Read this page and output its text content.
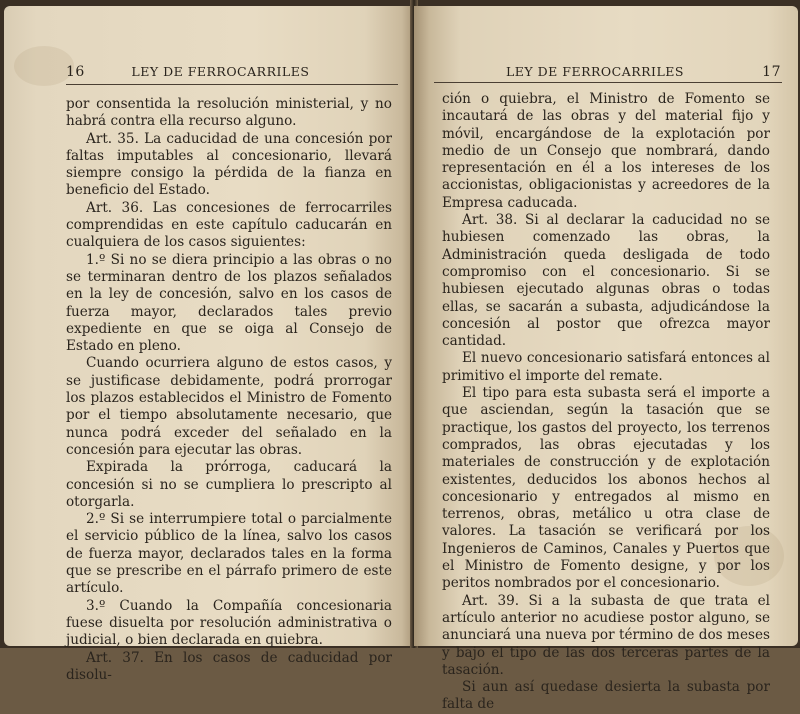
16	LEY DE FERROCARRILES

por consentida la resolución ministerial, y no habrá contra ella recurso alguno.

Art. 35. La caducidad de una concesión por faltas imputables al concesionario, llevará siempre consigo la pérdida de la fianza en beneficio del Estado.

Art. 36. Las concesiones de ferrocarriles comprendidas en este capítulo caducarán en cualquiera de los casos siguientes:

1.º Si no se diera principio a las obras o no se terminaran dentro de los plazos señalados en la ley de concesión, salvo en los casos de fuerza mayor, declarados tales previo expediente en que se oiga al Consejo de Estado en pleno.

Cuando ocurriera alguno de estos casos, y se justificase debidamente, podrá prorrogar los plazos establecidos el Ministro de Fomento por el tiempo absolutamente necesario, que nunca podrá exceder del señalado en la concesión para ejecutar las obras.

Expirada la prórroga, caducará la concesión si no se cumpliera lo prescripto al otorgarla.

2.º Si se interrumpiere total o parcialmente el servicio público de la línea, salvo los casos de fuerza mayor, declarados tales en la forma que se prescribe en el párrafo primero de este artículo.

3.º Cuando la Compañía concesionaria fuese disuelta por resolución administrativa o judicial, o bien declarada en quiebra.

Art. 37. En los casos de caducidad por disolu-

LEY DE FERROCARRILES	17

ción o quiebra, el Ministro de Fomento se incautará de las obras y del material fijo y móvil, encargándose de la explotación por medio de un Consejo que nombrará, dando representación en él a los intereses de los accionistas, obligacionistas y acreedores de la Empresa caducada.

Art. 38. Si al declarar la caducidad no se hubiesen comenzado las obras, la Administración queda desligada de todo compromiso con el concesionario. Si se hubiesen ejecutado algunas obras o todas ellas, se sacarán a subasta, adjudicándose la concesión al postor que ofrezca mayor cantidad.

El nuevo concesionario satisfará entonces al primitivo el importe del remate.

El tipo para esta subasta será el importe a que asciendan, según la tasación que se practique, los gastos del proyecto, los terrenos comprados, las obras ejecutadas y los materiales de construcción y de explotación existentes, deducidos los abonos hechos al concesionario y entregados al mismo en terrenos, obras, metálico u otra clase de valores. La tasación se verificará por los Ingenieros de Caminos, Canales y Puertos que el Ministro de Fomento designe, y por los peritos nombrados por el concesionario.

Art. 39. Si a la subasta de que trata el artículo anterior no acudiese postor alguno, se anunciará una nueva por término de dos meses y bajo el tipo de las dos terceras partes de la tasación.

Si aun así quedase desierta la subasta por falta de
